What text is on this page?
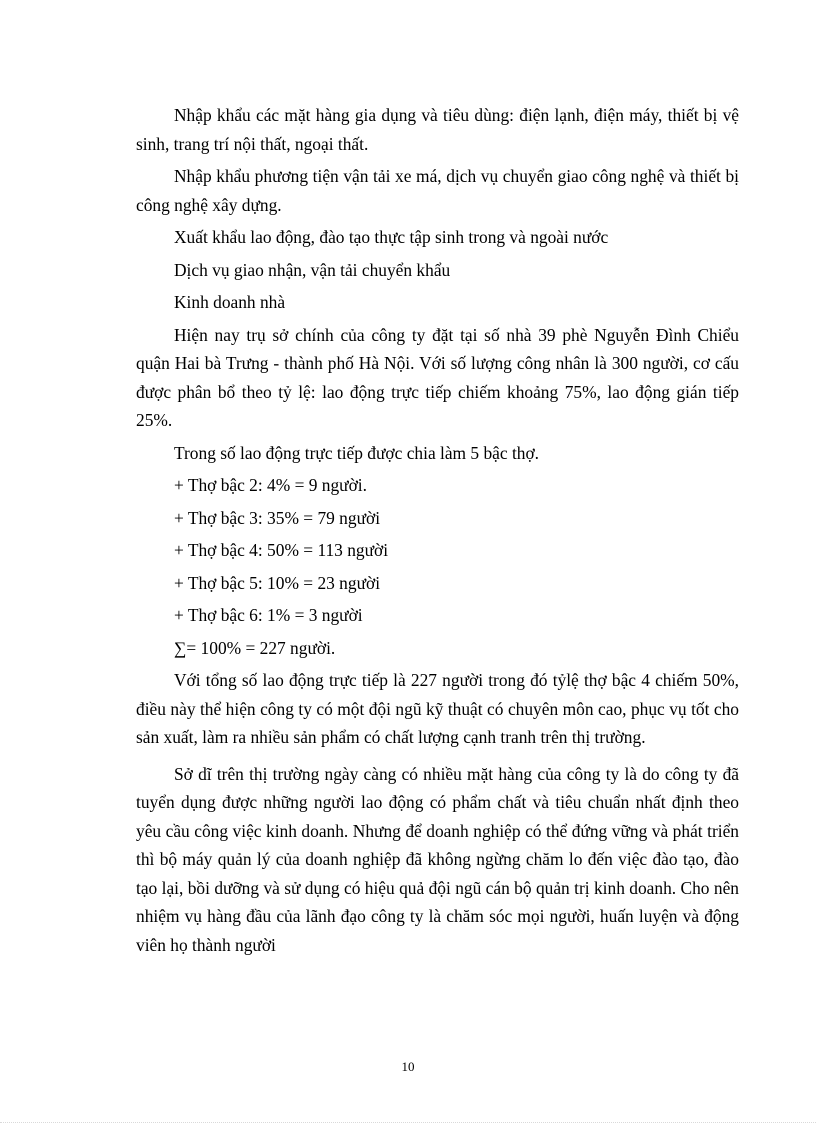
Nhập khẩu các mặt hàng gia dụng và tiêu dùng: điện lạnh, điện máy, thiết bị vệ sinh, trang trí nội thất, ngoại thất.

Nhập khẩu phương tiện vận tải xe má, dịch vụ chuyển giao công nghệ và thiết bị công nghệ xây dựng.

Xuất khẩu lao động, đào tạo thực tập sinh trong và ngoài nước

Dịch vụ giao nhận, vận tải chuyển khẩu

Kinh doanh nhà

Hiện nay trụ sở chính của công ty đặt tại số nhà 39 phè Nguyễn Đình Chiểu quận Hai bà Trưng - thành phố Hà Nội. Với số lượng công nhân là 300 người, cơ cấu được phân bổ theo tỷ lệ: lao động trực tiếp chiếm khoảng 75%, lao động gián tiếp 25%.

Trong số lao động trực tiếp được chia làm 5 bậc thợ.

+ Thợ bậc 2: 4% = 9 người.

+ Thợ bậc 3: 35% = 79 người

+ Thợ bậc 4: 50% = 113 người

+ Thợ bậc 5: 10% = 23 người

+ Thợ bậc 6: 1% = 3 người

∑= 100% = 227 người.

Với tổng số lao động trực tiếp là 227 người trong đó tỷlệ thợ bậc 4 chiếm 50%, điều này thể hiện công ty có một đội ngũ kỹ thuật có chuyên môn cao, phục vụ tốt cho sản xuất, làm ra nhiều sản phẩm có chất lượng cạnh tranh trên thị trường.

Sở dĩ trên thị trường ngày càng có nhiều mặt hàng của công ty là do công ty đã tuyển dụng được những người lao động có phẩm chất và tiêu chuẩn nhất định theo yêu cầu công việc kinh doanh. Nhưng để doanh nghiệp có thể đứng vững và phát triển thì bộ máy quản lý của doanh nghiệp đã không ngừng chăm lo đến việc đào tạo, đào tạo lại, bồi dưỡng và sử dụng có hiệu quả đội ngũ cán bộ quản trị kinh doanh. Cho nên nhiệm vụ hàng đầu của lãnh đạo công ty là chăm sóc mọi người, huấn luyện và động viên họ thành người

10
